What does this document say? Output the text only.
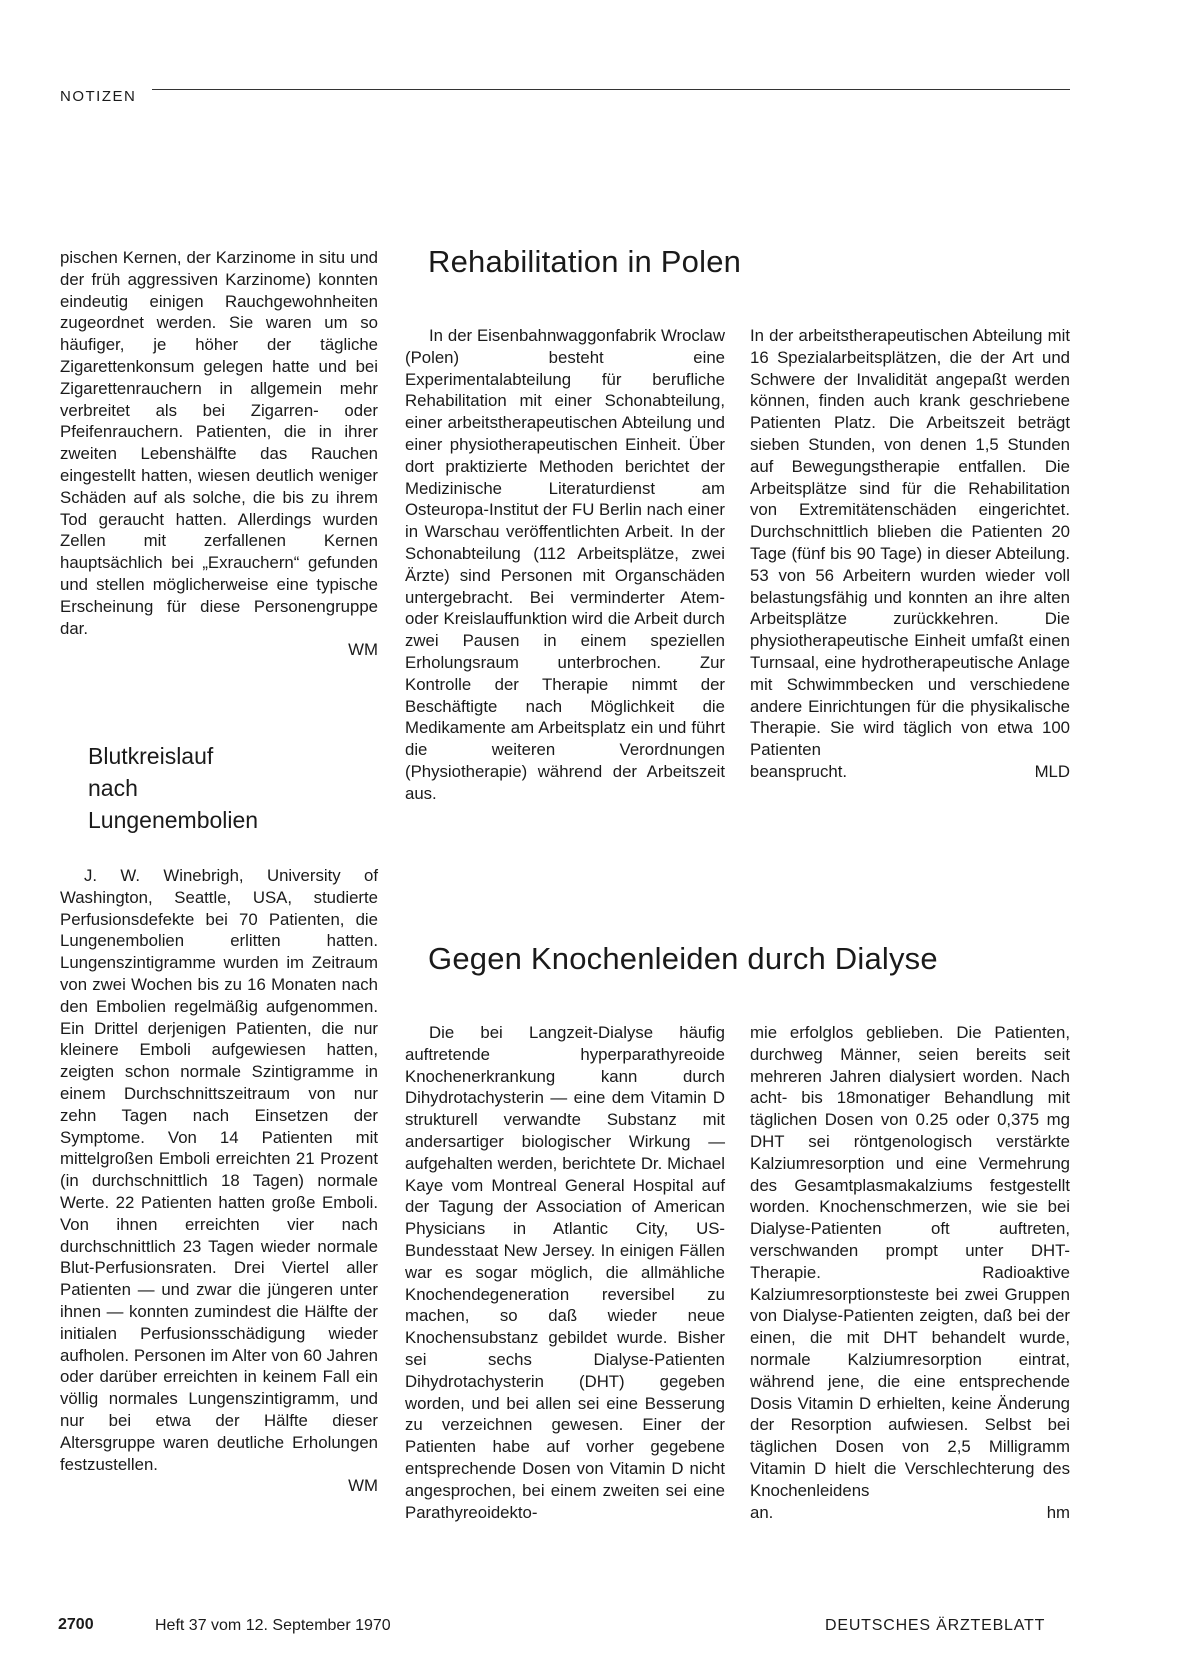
NOTIZEN

pischen Kernen, der Karzinome in situ und der früh aggressiven Karzinome) konnten eindeutig einigen Rauchgewohnheiten zugeordnet werden. Sie waren um so häufiger, je höher der tägliche Zigarettenkonsum gelegen hatte und bei Zigarettenrauchern in allgemein mehr verbreitet als bei Zigarren- oder Pfeifenrauchern. Patienten, die in ihrer zweiten Lebenshälfte das Rauchen eingestellt hatten, wiesen deutlich weniger Schäden auf als solche, die bis zu ihrem Tod geraucht hatten. Allerdings wurden Zellen mit zerfallenen Kernen hauptsächlich bei „Exrauchern“ gefunden und stellen möglicherweise eine typische Erscheinung für diese Personengruppe dar.

WM
Blutkreislauf
nach
Lungenembolien

J. W. Winebrigh, University of Washington, Seattle, USA, studierte Perfusionsdefekte bei 70 Patienten, die Lungenembolien erlitten hatten. Lungenszintigramme wurden im Zeitraum von zwei Wochen bis zu 16 Monaten nach den Embolien regelmäßig aufgenommen. Ein Drittel derjenigen Patienten, die nur kleinere Emboli aufgewiesen hatten, zeigten schon normale Szintigramme in einem Durchschnittszeitraum von nur zehn Tagen nach Einsetzen der Symptome. Von 14 Patienten mit mittelgroßen Emboli erreichten 21 Prozent (in durchschnittlich 18 Tagen) normale Werte. 22 Patienten hatten große Emboli. Von ihnen erreichten vier nach durchschnittlich 23 Tagen wieder normale Blut-Perfusionsraten. Drei Viertel aller Patienten — und zwar die jüngeren unter ihnen — konnten zumindest die Hälfte der initialen Perfusionsschädigung wieder aufholen. Personen im Alter von 60 Jahren oder darüber erreichten in keinem Fall ein völlig normales Lungenszintigramm, und nur bei etwa der Hälfte dieser Altersgruppe waren deutliche Erholungen festzustellen.

WM
Rehabilitation in Polen

In der Eisenbahnwaggonfabrik Wroclaw (Polen) besteht eine Experimentalabteilung für berufliche Rehabilitation mit einer Schonabteilung, einer arbeitstherapeutischen Abteilung und einer physiotherapeutischen Einheit. Über dort praktizierte Methoden berichtet der Medizinische Literaturdienst am Osteuropa-Institut der FU Berlin nach einer in Warschau veröffentlichten Arbeit. In der Schonabteilung (112 Arbeitsplätze, zwei Ärzte) sind Personen mit Organschäden untergebracht. Bei verminderter Atem- oder Kreislauffunktion wird die Arbeit durch zwei Pausen in einem speziellen Erholungsraum unterbrochen. Zur Kontrolle der Therapie nimmt der Beschäftigte nach Möglichkeit die Medikamente am Arbeitsplatz ein und führt die weiteren Verordnungen (Physiotherapie) während der Arbeitszeit aus.

In der arbeitstherapeutischen Abteilung mit 16 Spezialarbeitsplätzen, die der Art und Schwere der Invalidität angepaßt werden können, finden auch krank geschriebene Patienten Platz. Die Arbeitszeit beträgt sieben Stunden, von denen 1,5 Stunden auf Bewegungstherapie entfallen. Die Arbeitsplätze sind für die Rehabilitation von Extremitätenschäden eingerichtet. Durchschnittlich blieben die Patienten 20 Tage (fünf bis 90 Tage) in dieser Abteilung. 53 von 56 Arbeitern wurden wieder voll belastungsfähig und konnten an ihre alten Arbeitsplätze zurückkehren. Die physiotherapeutische Einheit umfaßt einen Turnsaal, eine hydrotherapeutische Anlage mit Schwimmbecken und verschiedene andere Einrichtungen für die physikalische Therapie. Sie wird täglich von etwa 100 Patienten

beansprucht.	MLD
Gegen Knochenleiden durch Dialyse

Die bei Langzeit-Dialyse häufig auftretende hyperparathyreoide Knochenerkrankung kann durch Dihydrotachysterin — eine dem Vitamin D strukturell verwandte Substanz mit andersartiger biologischer Wirkung — aufgehalten werden, berichtete Dr. Michael Kaye vom Montreal General Hospital auf der Tagung der Association of American Physicians in Atlantic City, US-Bundesstaat New Jersey. In einigen Fällen war es sogar möglich, die allmähliche Knochendegeneration reversibel zu machen, so daß wieder neue Knochensubstanz gebildet wurde. Bisher sei sechs Dialyse-Patienten Dihydrotachysterin (DHT) gegeben worden, und bei allen sei eine Besserung zu verzeichnen gewesen. Einer der Patienten habe auf vorher gegebene entsprechende Dosen von Vitamin D nicht angesprochen, bei einem zweiten sei eine Parathyreoidekto-

mie erfolglos geblieben. Die Patienten, durchweg Männer, seien bereits seit mehreren Jahren dialysiert worden. Nach acht- bis 18monatiger Behandlung mit täglichen Dosen von 0.25 oder 0,375 mg DHT sei röntgenologisch verstärkte Kalziumresorption und eine Vermehrung des Gesamtplasmakalziums festgestellt worden. Knochenschmerzen, wie sie bei Dialyse-Patienten oft auftreten, verschwanden prompt unter DHT-Therapie. Radioaktive Kalziumresorptionsteste bei zwei Gruppen von Dialyse-Patienten zeigten, daß bei der einen, die mit DHT behandelt wurde, normale Kalziumresorption eintrat, während jene, die eine entsprechende Dosis Vitamin D erhielten, keine Änderung der Resorption aufwiesen. Selbst bei täglichen Dosen von 2,5 Milligramm Vitamin D hielt die Verschlechterung des Knochenleidens

an.	hm
2700	Heft 37 vom 12. September 1970	DEUTSCHES ÄRZTEBLATT
